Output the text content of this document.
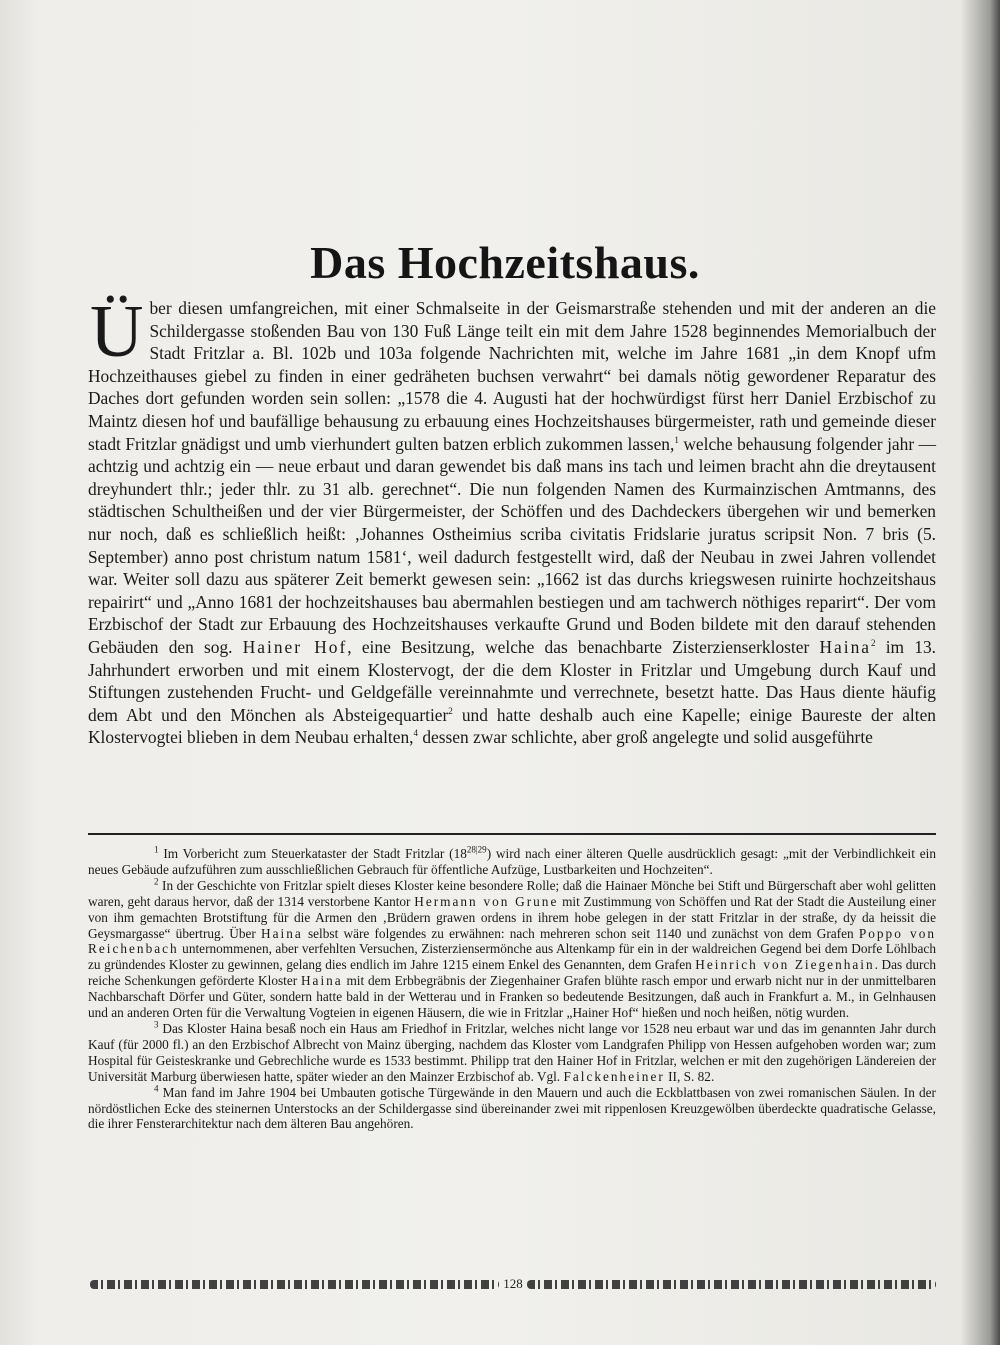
Das Hochzeitshaus.
Über diesen umfangreichen, mit einer Schmalseite in der Geismarstraße stehenden und mit der anderen an die Schildergasse stoßenden Bau von 130 Fuß Länge teilt ein mit dem Jahre 1528 beginnendes Memorialbuch der Stadt Fritzlar a. Bl. 102b und 103a folgende Nachrichten mit, welche im Jahre 1681 „in dem Knopf ufm Hochzeithauses giebel zu finden in einer gedräheten buchsen verwahrt“ bei damals nötig gewordener Reparatur des Daches dort gefunden worden sein sollen: „1578 die 4. Augusti hat der hochwürdigst fürst herr Daniel Erzbischof zu Maintz diesen hof und baufällige behausung zu erbauung eines Hochzeitshauses bürgermeister, rath und gemeinde dieser stadt Fritzlar gnädigst und umb vierhundert gulten batzen erblich zukommen lassen,$^1$ welche behausung folgender jahr — achtzig und achtzig ein — neue erbaut und daran gewendet bis daß mans ins tach und leimen bracht ahn die dreytausent dreyhundert thlr.; jeder thlr. zu 31 alb. gerechnet“. Die nun folgenden Namen des Kurmainzischen Amtmanns, des städtischen Schultheißen und der vier Bürgermeister, der Schöffen und des Dachdeckers übergehen wir und bemerken nur noch, daß es schließlich heißt: ‚Johannes Ostheimius scriba civitatis Fridslarie juratus scripsit Non. 7 bris (5. September) anno post christum natum 1581‘, weil dadurch festgestellt wird, daß der Neubau in zwei Jahren vollendet war. Weiter soll dazu aus späterer Zeit bemerkt gewesen sein: „1662 ist das durchs kriegswesen ruinirte hochzeitshaus repairirt“ und „Anno 1681 der hochzeitshauses bau abermahlen bestiegen und am tachwerch nöthiges reparirt“. Der vom Erzbischof der Stadt zur Erbauung des Hochzeitshauses verkaufte Grund und Boden bildete mit den darauf stehenden Gebäuden den sog. Hainer Hof, eine Besitzung, welche das benachbarte Zisterzienserkloster Haina$^2$ im 13. Jahrhundert erworben und mit einem Klostervogt, der die dem Kloster in Fritzlar und Umgebung durch Kauf und Stiftungen zustehenden Frucht- und Geldgefälle vereinnahmte und verrechnete, besetzt hatte. Das Haus diente häufig dem Abt und den Mönchen als Absteigequartier$^2$ und hatte deshalb auch eine Kapelle; einige Baureste der alten Klostervogtei blieben in dem Neubau erhalten,$^4$ dessen zwar schlichte, aber groß angelegte und solid ausgeführte

$^1$ Im Vorbericht zum Steuerkataster der Stadt Fritzlar $(18^{28|29})$ wird nach einer älteren Quelle ausdrücklich gesagt: „mit der Verbindlichkeit ein neues Gebäude aufzuführen zum ausschließlichen Gebrauch für öffentliche Aufzüge, Lustbarkeiten und Hochzeiten“.

$^2$ In der Geschichte von Fritzlar spielt dieses Kloster keine besondere Rolle; daß die Hainaer Mönche bei Stift und Bürgerschaft aber wohl gelitten waren, geht daraus hervor, daß der 1314 verstorbene Kantor Hermann von Grune mit Zustimmung von Schöffen und Rat der Stadt die Austeilung einer von ihm gemachten Brotstiftung für die Armen den ‚Brüdern grawen ordens in ihrem hobe gelegen in der statt Fritzlar in der straße, dy da heissit die Geysmargasse“ übertrug. Über Haina selbst wäre folgendes zu erwähnen: nach mehreren schon seit 1140 und zunächst von dem Grafen Poppo von Reichenbach unternommenen, aber verfehlten Versuchen, Zisterziensermönche aus Altenkamp für ein in der waldreichen Gegend bei dem Dorfe Löhlbach zu gründendes Kloster zu gewinnen, gelang dies endlich im Jahre 1215 einem Enkel des Genannten, dem Grafen Heinrich von Ziegenhain. Das durch reiche Schenkungen geförderte Kloster Haina mit dem Erbbegräbnis der Ziegenhainer Grafen blühte rasch empor und erwarb nicht nur in der unmittelbaren Nachbarschaft Dörfer und Güter, sondern hatte bald in der Wetterau und in Franken so bedeutende Besitzungen, daß auch in Frankfurt a. M., in Gelnhausen und an anderen Orten für die Verwaltung Vogteien in eigenen Häusern, die wie in Fritzlar „Hainer Hof“ hießen und noch heißen, nötig wurden.

$^3$ Das Kloster Haina besaß noch ein Haus am Friedhof in Fritzlar, welches nicht lange vor 1528 neu erbaut war und das im genannten Jahr durch Kauf (für 2000 fl.) an den Erzbischof Albrecht von Mainz überging, nachdem das Kloster vom Landgrafen Philipp von Hessen aufgehoben worden war; zum Hospital für Geisteskranke und Gebrechliche wurde es 1533 bestimmt. Philipp trat den Hainer Hof in Fritzlar, welchen er mit den zugehörigen Ländereien der Universität Marburg überwiesen hatte, später wieder an den Mainzer Erzbischof ab. Vgl. Falckenheiner II, S. 82.

$^4$ Man fand im Jahre 1904 bei Umbauten gotische Türgewände in den Mauern und auch die Eckblattbasen von zwei romanischen Säulen. In der nördöstlichen Ecke des steinernen Unterstocks an der Schildergasse sind übereinander zwei mit rippenlosen Kreuzgewölben überdeckte quadratische Gelasse, die ihrer Fensterarchitektur nach dem älteren Bau angehören.

128
